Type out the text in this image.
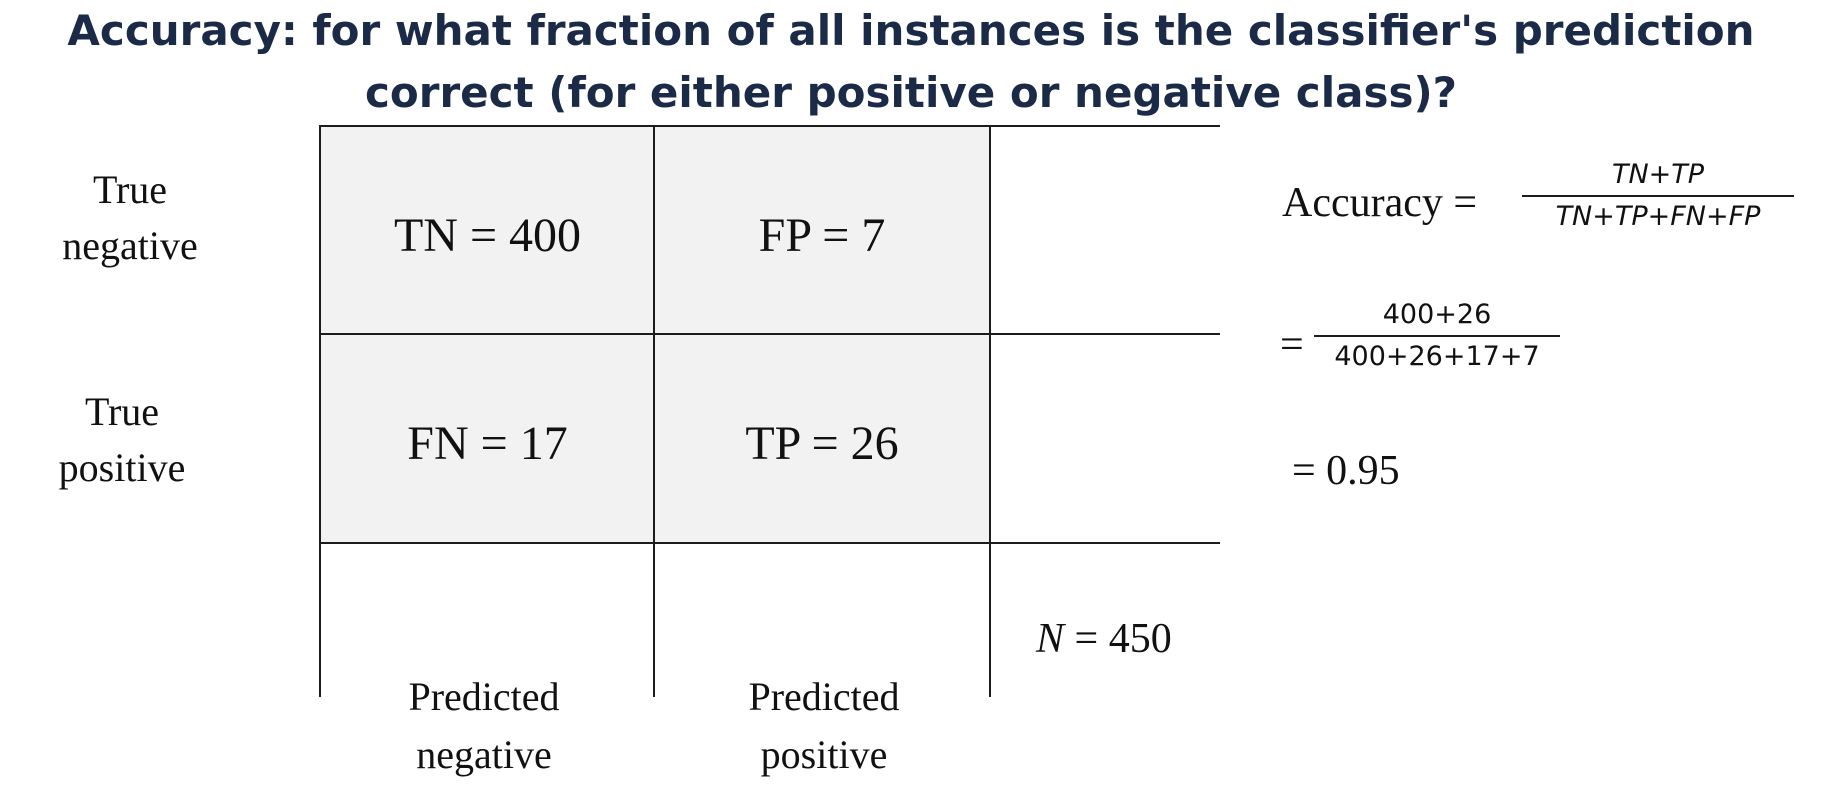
Accuracy: for what fraction of all instances is the classifier's prediction
correct (for either positive or negative class)?
TN = 400	FP = 7
FN = 17	TP = 26
True
negative
True
positive
Predicted
negative
Predicted
positive
N = 450
Accuracy =
TN+TP
TN+TP+FN+FP
=
400+26
400+26+17+7
= 0.95
